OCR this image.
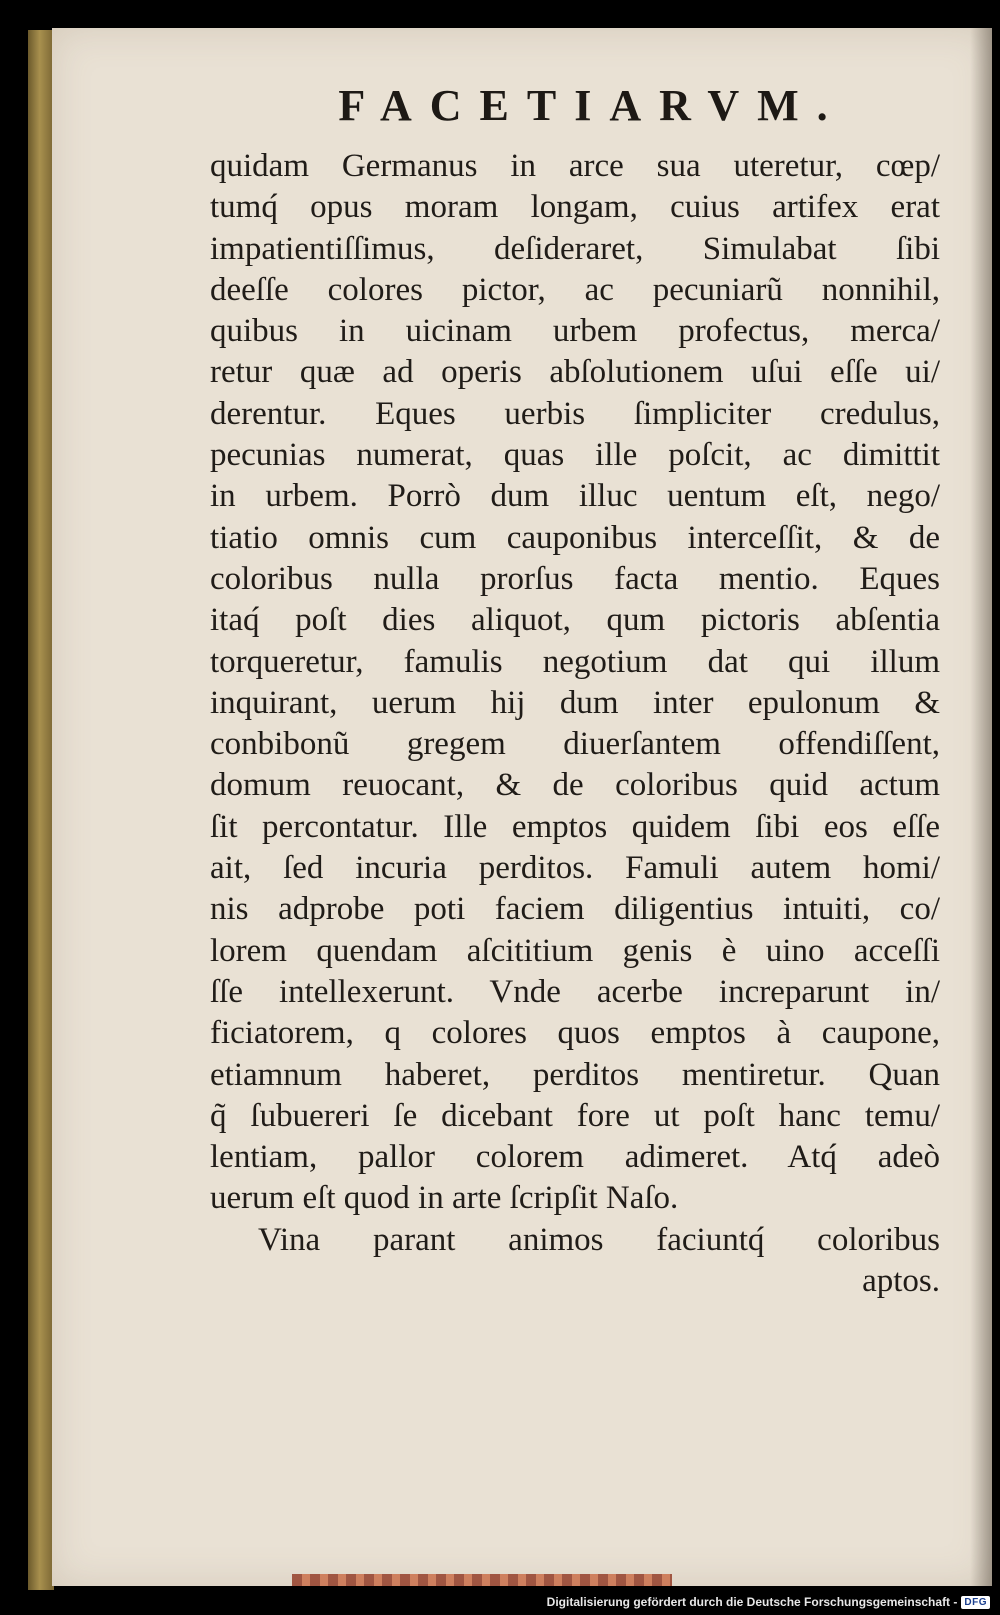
FACETIARVM.
quidam Germanus in arce sua uteretur, cœp/
tumq́ opus moram longam, cuius artifex erat
impatientiſſimus, deſideraret, Simulabat ſibi
deeſſe colores pictor, ac pecuniarũ nonnihil,
quibus in uicinam urbem profectus, merca/
retur quæ ad operis abſolutionem uſui eſſe ui/
derentur. Eques uerbis ſimpliciter credulus,
pecunias numerat, quas ille poſcit, ac dimittit
in urbem. Porrò dum illuc uentum eſt, nego/
tiatio omnis cum cauponibus interceſſit, & de
coloribus nulla prorſus facta mentio. Eques
itaq́ poſt dies aliquot, qum pictoris abſentia
torqueretur, famulis negotium dat qui illum
inquirant, uerum hij dum inter epulonum &
conbibonũ gregem diuerſantem offendiſſent,
domum reuocant, & de coloribus quid actum
ſit percontatur. Ille emptos quidem ſibi eos eſſe
ait, ſed incuria perditos. Famuli autem homi/
nis adprobe poti faciem diligentius intuiti, co/
lorem quendam aſcititium genis è uino acceſſi
ſſe intellexerunt. Vnde acerbe increparunt in/
ficiatorem, q colores quos emptos à caupone,
etiamnum haberet, perditos mentiretur. Quan
q̃ ſubuereri ſe dicebant fore ut poſt hanc temu/
lentiam, pallor colorem adimeret. Atq́ adeò
uerum eſt quod in arte ſcripſit Naſo.
Vina parant animos faciuntq́ coloribus
aptos.
Digitalisierung gefördert durch die Deutsche Forschungsgemeinschaft - DFG
